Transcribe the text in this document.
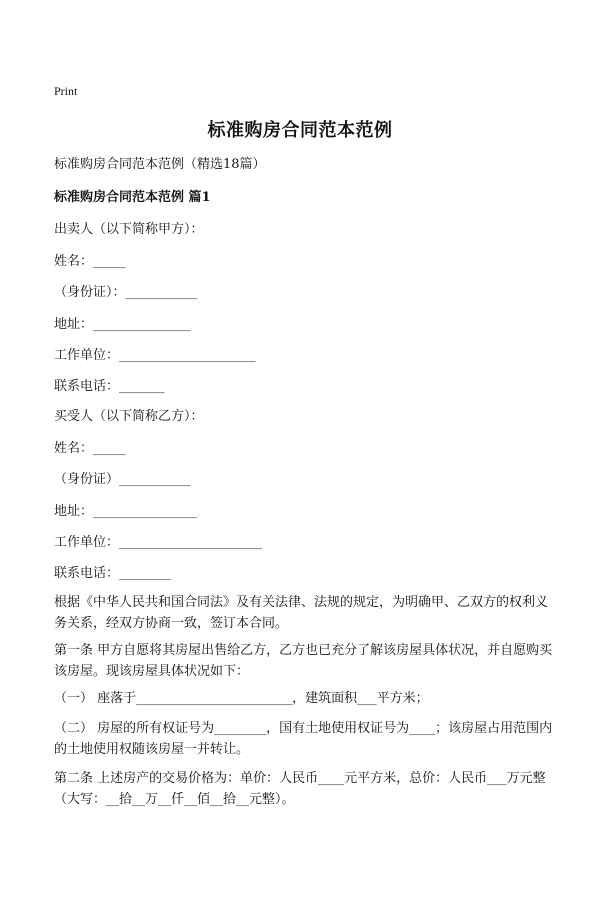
Print
标准购房合同范本范例
标准购房合同范本范例（精选18篇）
标准购房合同范本范例 篇1
出卖人（以下简称甲方）：
姓名：_____
（身份证）：___________
地址：_______________
工作单位：_____________________
联系电话：_______
买受人（以下简称乙方）：
姓名：_____
（身份证）___________
地址：________________
工作单位：______________________
联系电话：________
根据《中华人民共和国合同法》及有关法律、法规的规定，为明确甲、乙双方的权利义务关系，经双方协商一致，签订本合同。
第一条 甲方自愿将其房屋出售给乙方，乙方也已充分了解该房屋具体状况，并自愿购买该房屋。现该房屋具体状况如下：
（一） 座落于________________________，建筑面积___平方米；
（二） 房屋的所有权证号为________，国有土地使用权证号为____；该房屋占用范围内的土地使用权随该房屋一并转让。
第二条 上述房产的交易价格为：单价：人民币____元平方米，总价：人民币___万元整（大写：__拾__万__仟__佰__拾__元整）。
